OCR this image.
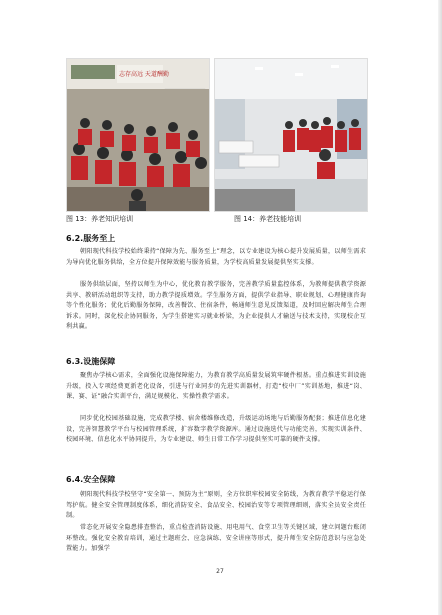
志存高远 天道酬勤
图 13：养老知识培训	图 14：养老技能培训
6.2.服务至上
朝阳现代科技学校始终秉持“保障为先、服务至上”理念，以专业建设为核心提升发展质量，以师生需求为导向优化服务供给，全方位提升保障效能与服务质量，为学校高质量发展提供坚实支撑。
服务供给层面，坚持以师生为中心，优化教育教学服务，完善教学质量监控体系，为教师提供教学资源共享、教研活动组织等支持，助力教学提质增效。学生服务方面，提供学业指导、职业规划、心理健康咨询等个性化服务；优化后勤服务保障，改善餐饮、住宿条件，畅通师生意见反馈渠道，及时回应解决师生合理诉求。同时，深化校企协同服务，为学生搭建实习就业桥梁，为企业提供人才输送与技术支持，实现校企互利共赢。
6.3.设施保障
聚焦办学核心需求，全面强化设施保障能力，为教育教学高质量发展筑牢硬件根基。重点推进实训设施升级，投入专项经费更新老化设备，引进与行业同步的先进实训器材，打造“校中厂”实训基地，推进“岗、课、赛、证”融合实训平台，满足规模化、实操性教学需求。
同步优化校园基础设施，完成教学楼、宿舍楼维修改造，升级运动场地与后勤服务配套；推进信息化建设，完善智慧教学平台与校园管理系统，扩容数字教学资源库。通过设施迭代与功能完善，实现实训条件、校园环境、信息化水平协同提升，为专业建设、师生日常工作学习提供坚实可靠的硬件支撑。
6.4.安全保障
朝阳现代科技学校坚守“安全第一、预防为主”原则，全方位织牢校园安全防线，为教育教学平稳运行保驾护航。健全安全管理制度体系，细化消防安全、食品安全、校园治安等专项管理细则，落实全员安全责任制。
常态化开展安全隐患排查整治，重点检查消防设施、用电用气、食堂卫生等关键区域，建立问题台账闭环整改。强化安全教育培训，通过主题班会、应急演练、安全讲座等形式，提升师生安全防范意识与应急处置能力。加强学
27
